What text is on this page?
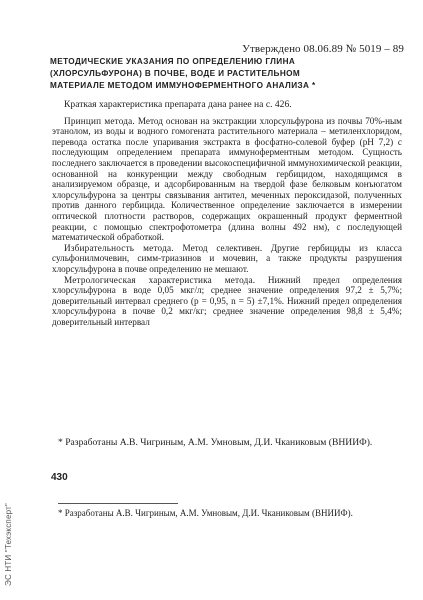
Утверждено 08.06.89 № 5019 – 89
МЕТОДИЧЕСКИЕ УКАЗАНИЯ ПО ОПРЕДЕЛЕНИЮ ГЛИНА
(ХЛОРСУЛЬФУРОНА) В ПОЧВЕ, ВОДЕ И РАСТИТЕЛЬНОМ
МАТЕРИАЛЕ МЕТОДОМ ИММУНОФЕРМЕНТНОГО АНАЛИЗА *

Краткая характеристика препарата дана ранее на с. 426.

Принцип метода. Метод основан на экстракции хлорсульфурона из почвы 70%-ным этанолом, из воды и водного гомогената растительного материала – метиленхлоридом, перевода остатка после упаривания экстракта в фосфатно-солевой буфер (рН 7,2) с последующим определением препарата иммуноферментным методом. Сущность последнего заключается в проведении высокоспецифичной иммунохимической реакции, основанной на конкуренции между свободным гербицидом, находящимся в анализируемом образце, и адсорбированным на твердой фазе белковым конъюгатом хлорсульфурона за центры связывания антител, меченных пероксидазой, полученных против данного гербицида. Количественное определение заключается в измерении оптической плотности растворов, содержащих окрашенный продукт ферментной реакции, с помощью спектрофотометра (длина волны 492 нм), с последующей математической обработкой.

Избирательность метода. Метод селективен. Другие гербициды из класса сульфонилмочевин, симм-триазинов и мочевин, а также продукты разрушения хлорсульфурона в почве определению не мешают.

Метрологическая характеристика метода. Нижний предел определения хлорсульфурона в воде 0,05 мкг/л; среднее значение определения 97,2 ± 5,7%; доверительный интервал среднего (р = 0,95, n = 5) ±7,1%. Нижний предел определения хлорсульфурона в почве 0,2 мкг/кг; среднее значение определения 98,8 ± 5,4%; доверительный интервал

* Разработаны А.В. Чигриным, А.М. Умновым, Д.И. Чканиковым (ВНИИФ).
430
* Разработаны А.В. Чигриным, А.М. Умновым, Д.И. Чканиковым (ВНИИФ).
ЭС НТИ "Техэксперт"
